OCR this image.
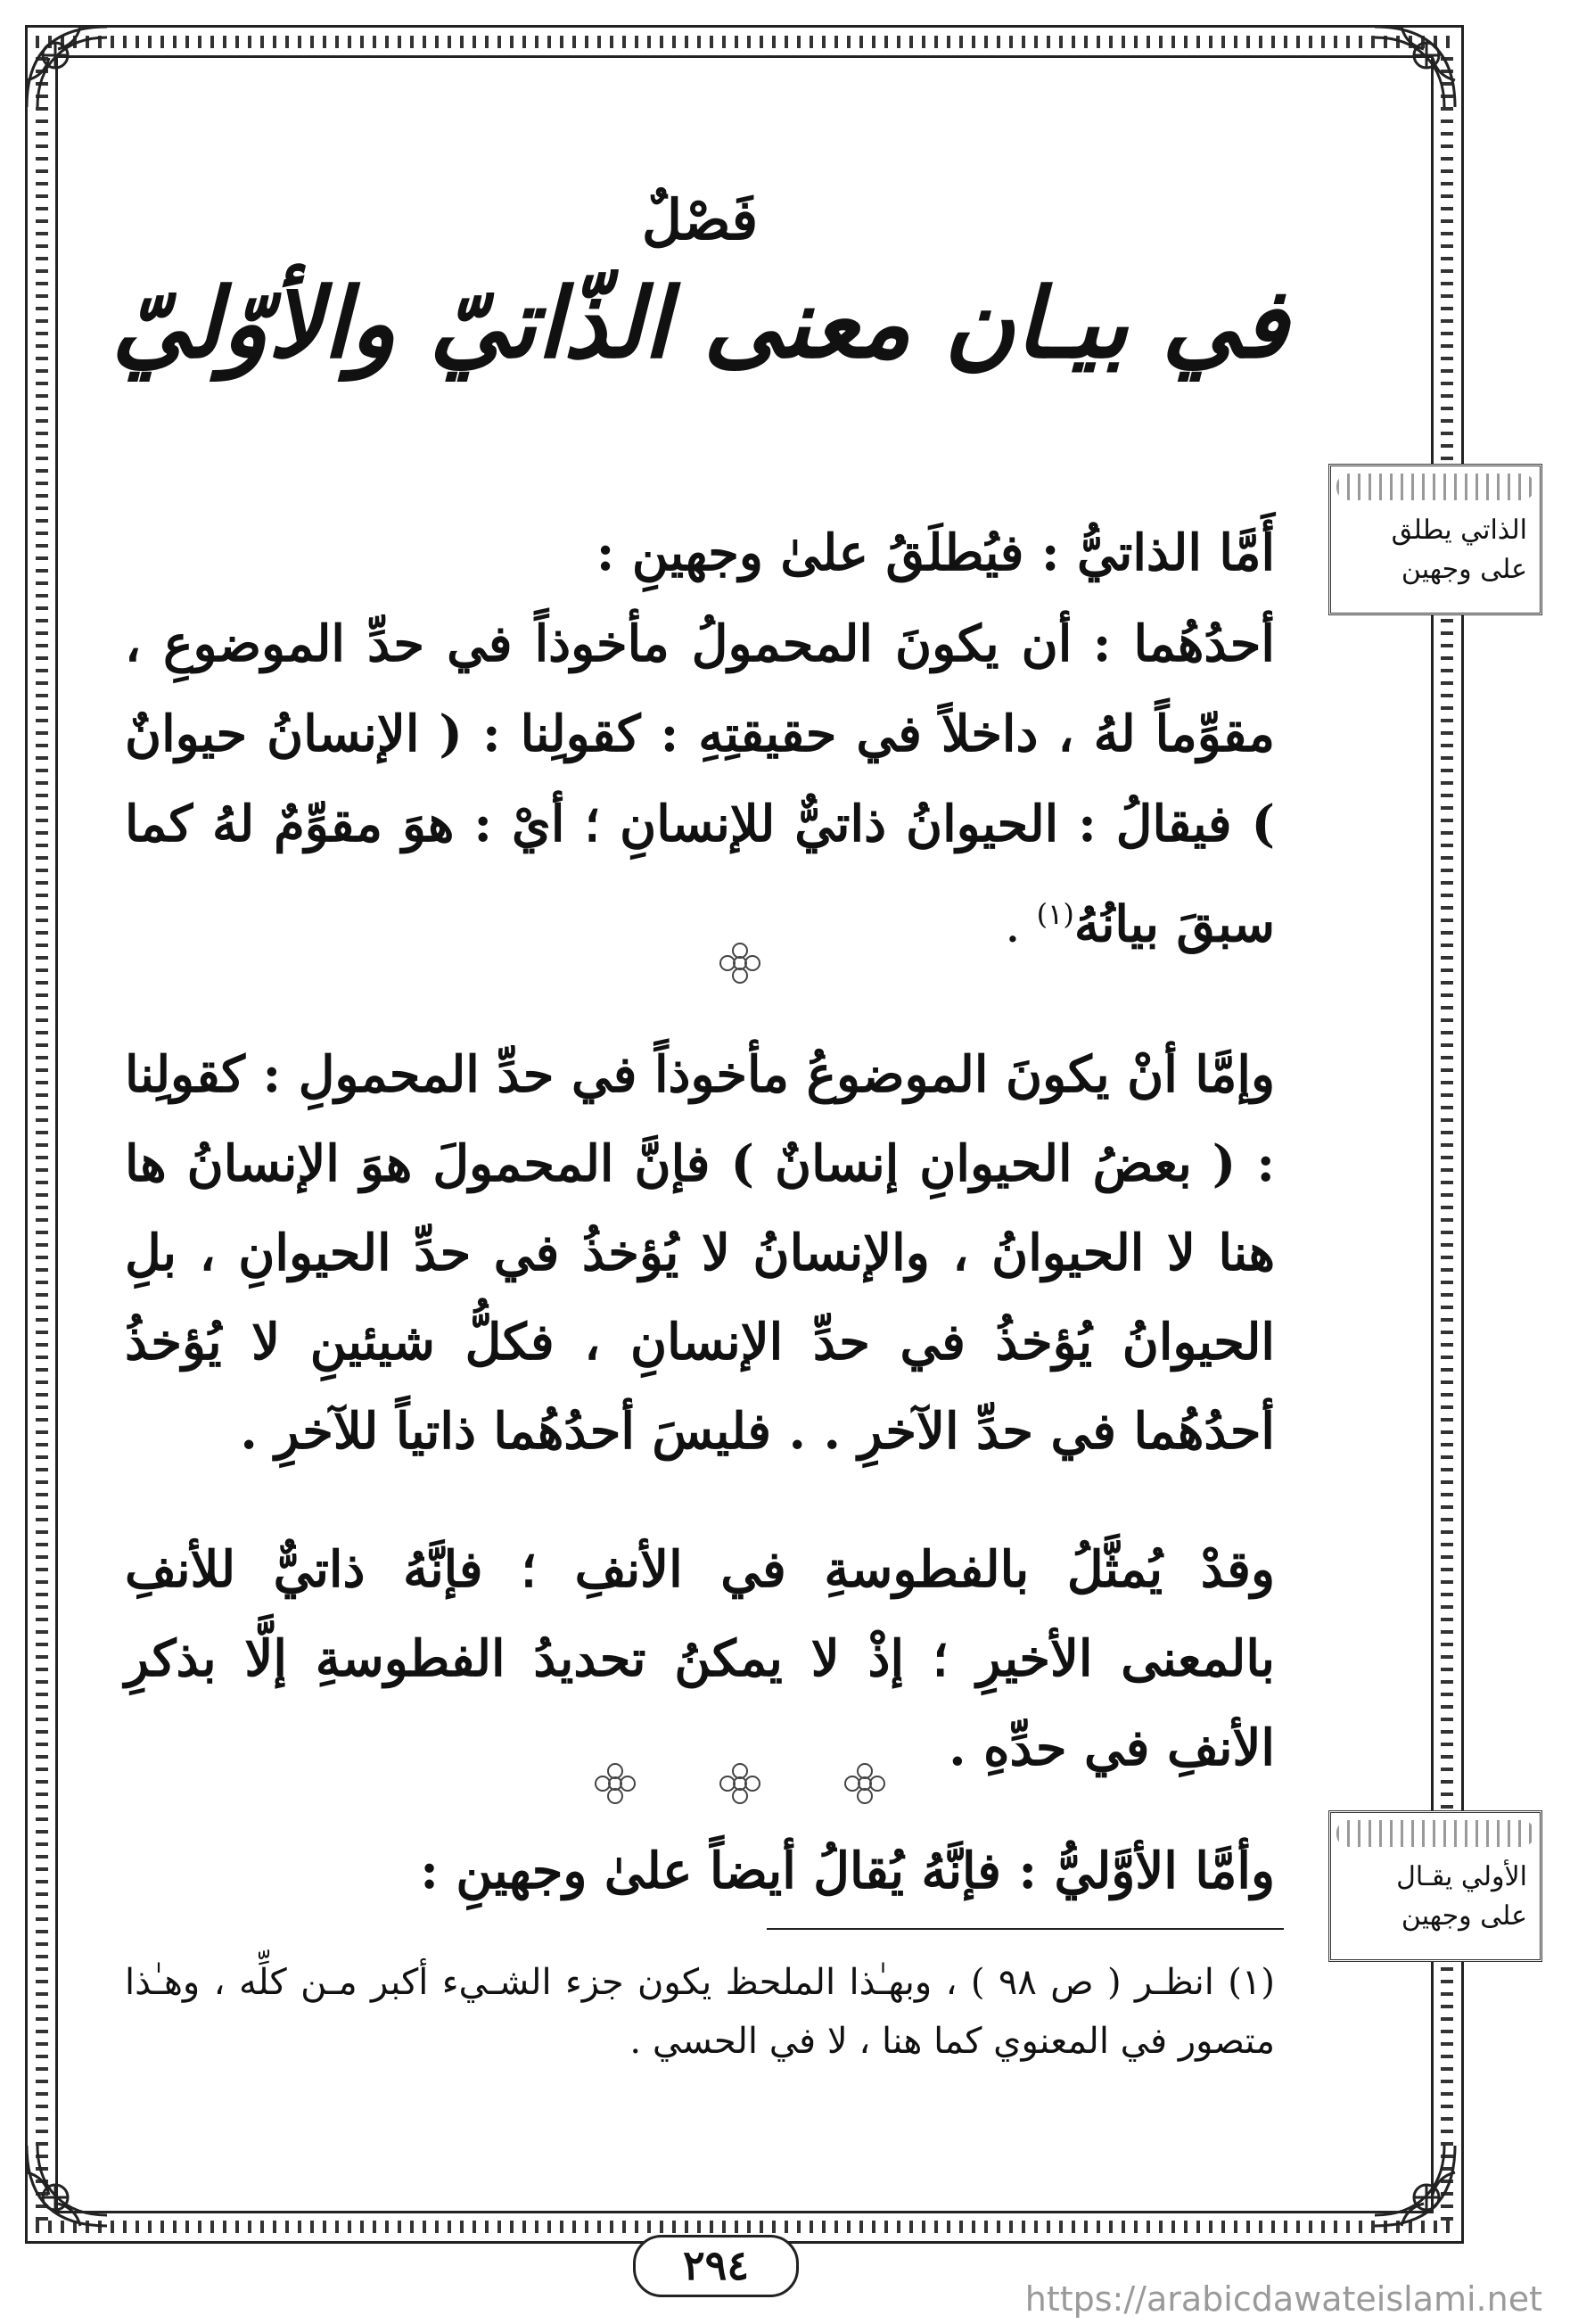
فَصْلٌ
في بيـان معنى الذّاتيّ والأوّليّ
أَمَّا الذاتيُّ : فيُطلَقُ علىٰ وجهينِ :
أحدُهُما : أن يكونَ المحمولُ مأخوذاً في حدِّ الموضوعِ ، مقوِّماً لهُ ، داخلاً في حقيقتِهِ : كقولِنا : ( الإنسانُ حيوانٌ ) فيقالُ : الحيوانُ ذاتيٌّ للإنسانِ ؛ أيْ : هوَ مقوِّمٌ لهُ كما سبقَ بيانُهُ$^{(١)}$ .
وإمَّا أنْ يكونَ الموضوعُ مأخوذاً في حدِّ المحمولِ : كقولِنا : ( بعضُ الحيوانِ إنسانٌ ) فإنَّ المحمولَ هوَ الإنسانُ ها هنا لا الحيوانُ ، والإنسانُ لا يُؤخذُ في حدِّ الحيوانِ ، بلِ الحيوانُ يُؤخذُ في حدِّ الإنسانِ ، فكلُّ شيئينِ لا يُؤخذُ أحدُهُما في حدِّ الآخرِ . . فليسَ أحدُهُما ذاتياً للآخرِ .
وقدْ يُمثَّلُ بالفطوسةِ في الأنفِ ؛ فإنَّهُ ذاتيٌّ للأنفِ بالمعنى الأخيرِ ؛ إذْ لا يمكنُ تحديدُ الفطوسةِ إلَّا بذكرِ الأنفِ في حدِّهِ .
وأمَّا الأوَّليُّ : فإنَّهُ يُقالُ أيضاً علىٰ وجهينِ :
الذاتي يطلق على وجهين
الأولي يقـال على وجهين
(١) انظـر ( ص ٩٨ ) ، وبهـٰذا الملحظ يكون جزء الشـيء أكبر مـن كلِّه ، وهـٰذا متصور في المعنوي كما هنا ، لا في الحسي .
٢٩٤
https://arabicdawateislami.net
